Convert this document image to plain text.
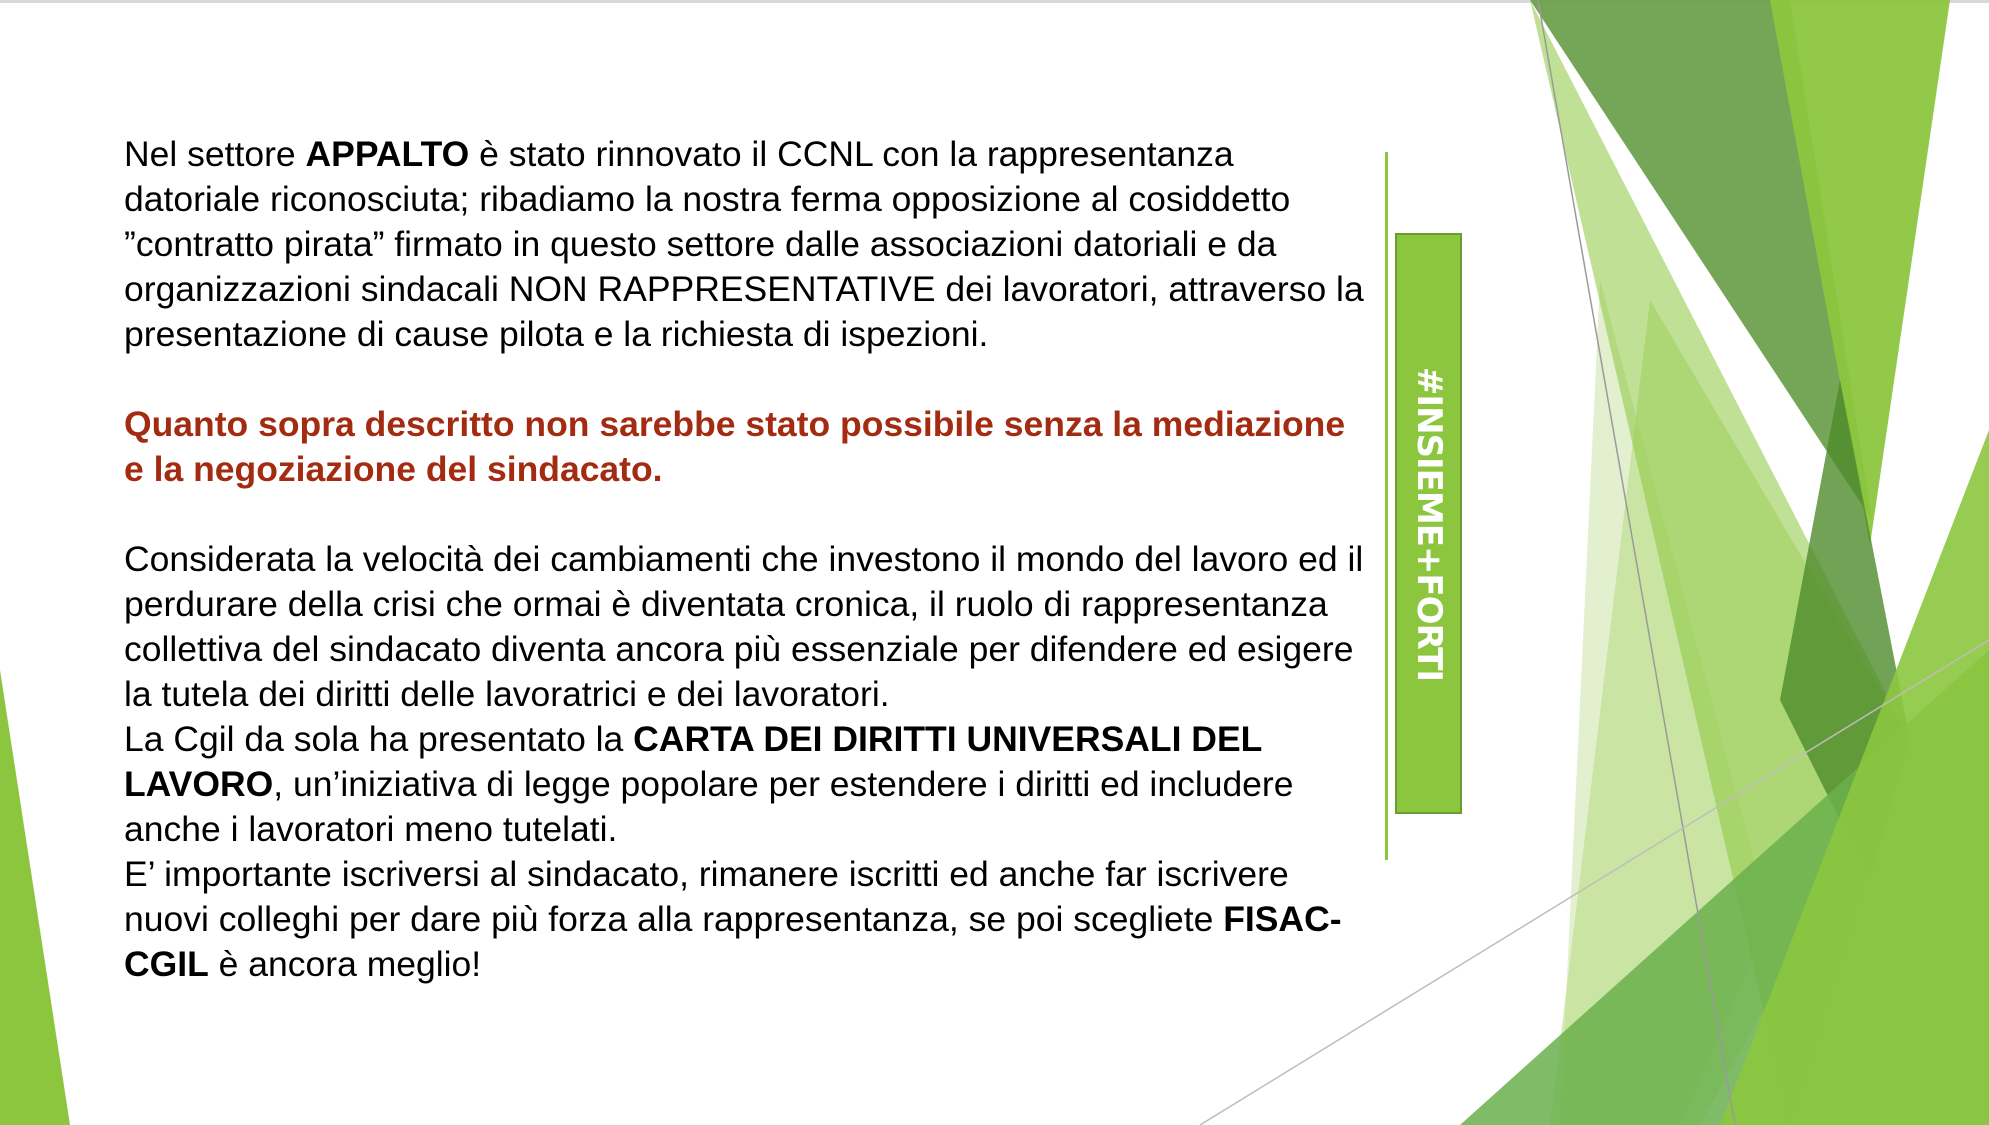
Nel settore APPALTO è stato rinnovato il CCNL con la rappresentanza datoriale riconosciuta; ribadiamo la nostra ferma opposizione al cosiddetto ”contratto pirata” firmato in questo settore dalle associazioni datoriali e da organizzazioni sindacali NON RAPPRESENTATIVE dei lavoratori, attraverso la presentazione di cause pilota e la richiesta di ispezioni.

Quanto sopra descritto non sarebbe stato possibile senza la mediazione e la negoziazione del sindacato.

Considerata la velocità dei cambiamenti che investono il mondo del lavoro ed il perdurare della crisi che ormai è diventata cronica, il ruolo di rappresentanza collettiva del sindacato diventa ancora più essenziale per difendere ed esigere la tutela dei diritti delle lavoratrici e dei lavoratori.

La Cgil da sola ha presentato la CARTA DEI DIRITTI UNIVERSALI DEL LAVORO, un’iniziativa di legge popolare per estendere i diritti ed includere anche i lavoratori meno tutelati.

E’ importante iscriversi al sindacato, rimanere iscritti ed anche far iscrivere nuovi colleghi per dare più forza alla rappresentanza, se poi scegliete FISAC-CGIL è ancora meglio!

#INSIEME+FORTI
